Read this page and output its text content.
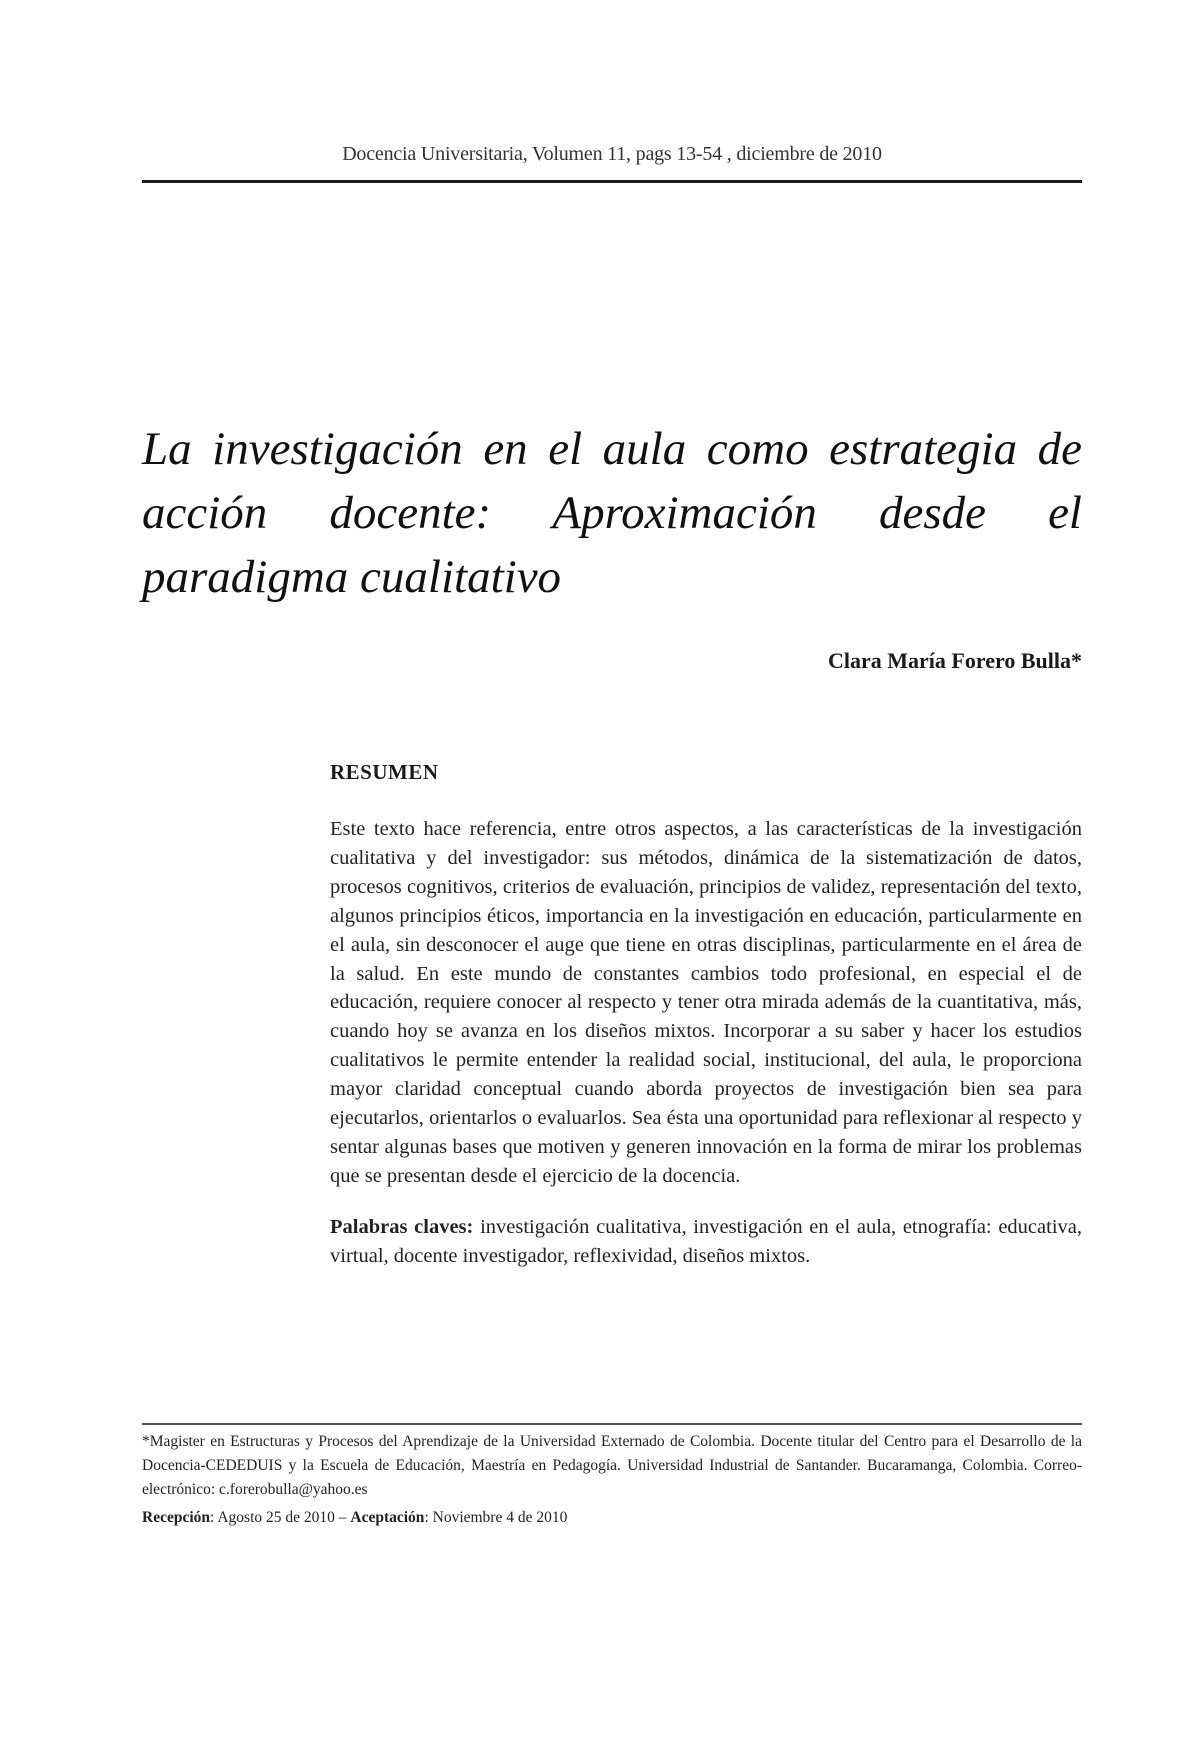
Docencia Universitaria, Volumen 11, pags 13-54 , diciembre de 2010
La investigación en el aula como estrategia de acción docente: Aproximación desde el paradigma cualitativo
Clara María Forero Bulla*
RESUMEN

Este texto hace referencia, entre otros aspectos, a las características de la investigación cualitativa y del investigador: sus métodos, dinámica de la sistematización de datos, procesos cognitivos, criterios de evaluación, principios de validez, representación del texto, algunos principios éticos, importancia en la investigación en educación, particularmente en el aula, sin desconocer el auge que tiene en otras disciplinas, particularmente en el área de la salud. En este mundo de constantes cambios todo profesional, en especial el de educación, requiere conocer al respecto y tener otra mirada además de la cuantitativa, más, cuando hoy se avanza en los diseños mixtos. Incorporar a su saber y hacer los estudios cualitativos le permite entender la realidad social, institucional, del aula, le proporciona mayor claridad conceptual cuando aborda proyectos de investigación bien sea para ejecutarlos, orientarlos o evaluarlos. Sea ésta una oportunidad para reflexionar al respecto y sentar algunas bases que motiven y generen innovación en la forma de mirar los problemas que se presentan desde el ejercicio de la docencia.

Palabras claves: investigación cualitativa, investigación en el aula, etnografía: educativa, virtual, docente investigador, reflexividad, diseños mixtos.

*Magister en Estructuras y Procesos del Aprendizaje de la Universidad Externado de Colombia. Docente titular del Centro para el Desarrollo de la Docencia-CEDEDUIS y la Escuela de Educación, Maestría en Pedagogía. Universidad Industrial de Santander. Bucaramanga, Colombia. Correo-electrónico: c.forerobulla@yahoo.es

Recepción: Agosto 25 de 2010 – Aceptación: Noviembre 4 de 2010
